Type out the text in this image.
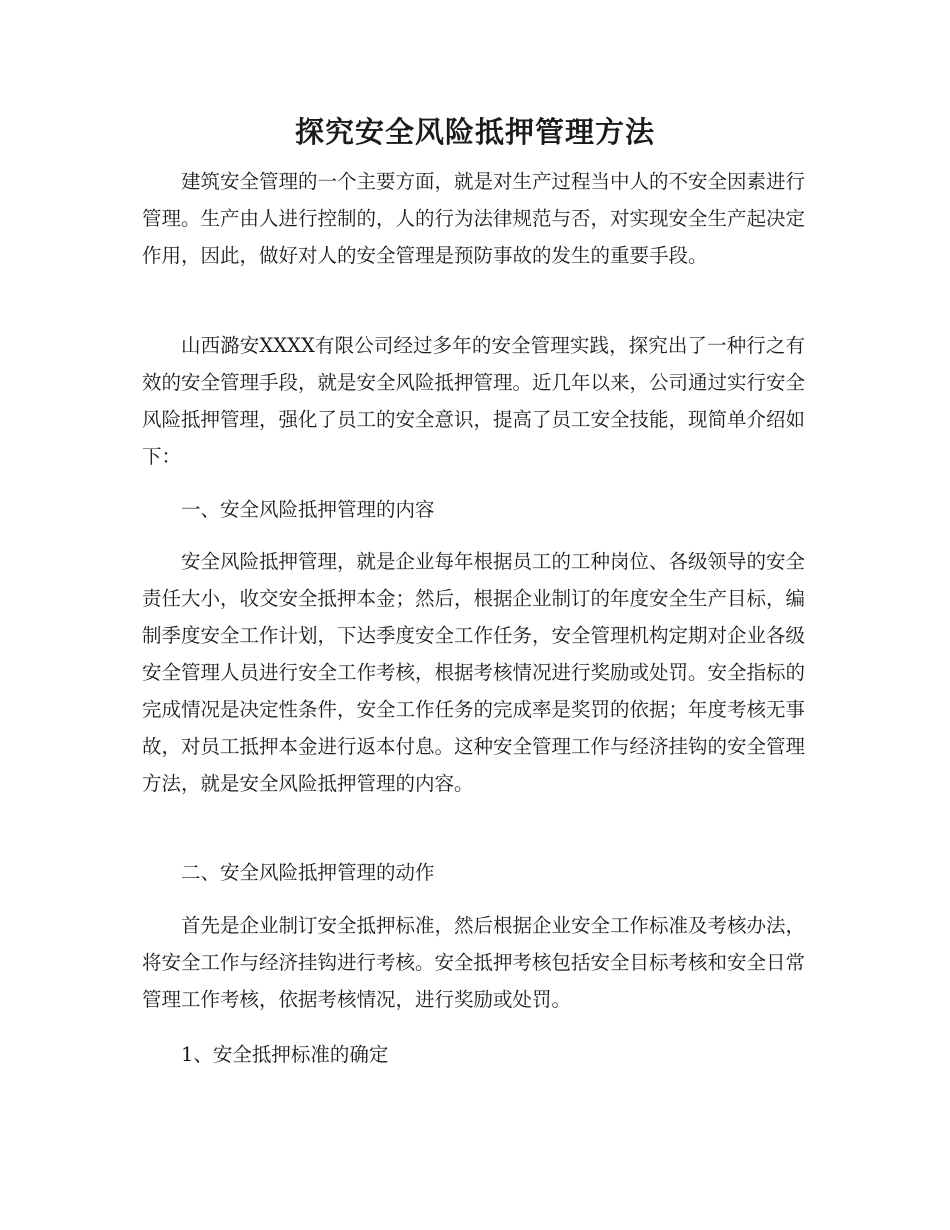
探究安全风险抵押管理方法

建筑安全管理的一个主要方面，就是对生产过程当中人的不安全因素进行管理。生产由人进行控制的，人的行为法律规范与否，对实现安全生产起决定作用，因此，做好对人的安全管理是预防事故的发生的重要手段。

山西潞安XXXX有限公司经过多年的安全管理实践，探究出了一种行之有效的安全管理手段，就是安全风险抵押管理。近几年以来，公司通过实行安全风险抵押管理，强化了员工的安全意识，提高了员工安全技能，现简单介绍如下：

一、安全风险抵押管理的内容

安全风险抵押管理，就是企业每年根据员工的工种岗位、各级领导的安全责任大小，收交安全抵押本金；然后，根据企业制订的年度安全生产目标，编制季度安全工作计划，下达季度安全工作任务，安全管理机构定期对企业各级安全管理人员进行安全工作考核，根据考核情况进行奖励或处罚。安全指标的完成情况是决定性条件，安全工作任务的完成率是奖罚的依据；年度考核无事故，对员工抵押本金进行返本付息。这种安全管理工作与经济挂钩的安全管理方法，就是安全风险抵押管理的内容。

二、安全风险抵押管理的动作

首先是企业制订安全抵押标准，然后根据企业安全工作标准及考核办法，将安全工作与经济挂钩进行考核。安全抵押考核包括安全目标考核和安全日常管理工作考核，依据考核情况，进行奖励或处罚。

1、安全抵押标准的确定
